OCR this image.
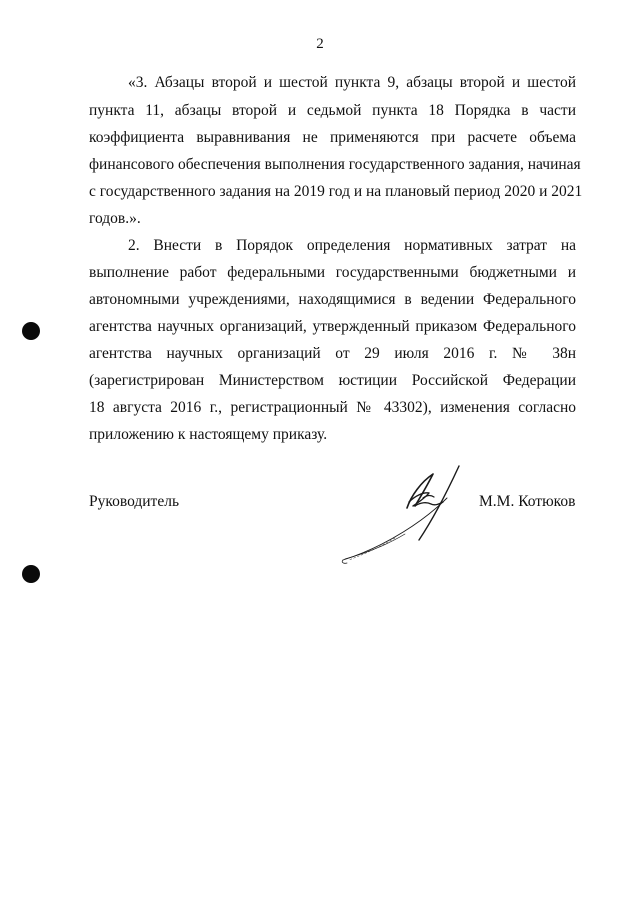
2
«3. Абзацы второй и шестой пункта 9, абзацы второй и шестой
пункта 11, абзацы второй и седьмой пункта 18 Порядка в части
коэффициента выравнивания не применяются при расчете объема
финансового обеспечения выполнения государственного задания, начиная
с государственного задания на 2019 год и на плановый период 2020 и 2021
годов.».
2. Внести в Порядок определения нормативных затрат на
выполнение работ федеральными государственными бюджетными и
автономными учреждениями, находящимися в ведении Федерального
агентства научных организаций, утвержденный приказом Федерального
агентства научных организаций от 29 июля 2016 г. № 38н
(зарегистрирован Министерством юстиции Российской Федерации
18 августа 2016 г., регистрационный № 43302), изменения согласно
приложению к настоящему приказу.
Руководитель	М.М. Котюков
